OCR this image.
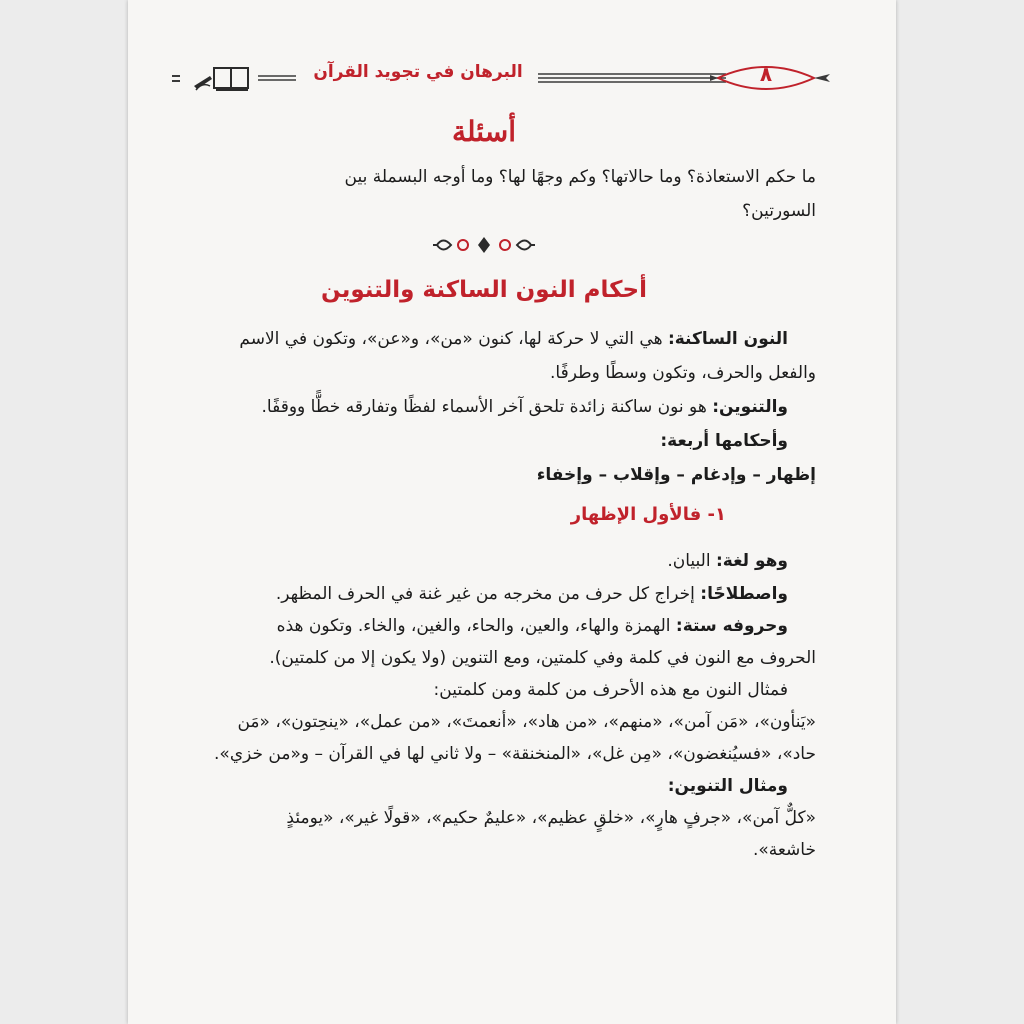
البرهان في تجويد القرآن	٨
أسئلة

ما حكم الاستعاذة؟ وما حالاتها؟ وكم وجهًا لها؟ وما أوجه البسملة بين

السورتين؟

أحكام النون الساكنة والتنوين

النون الساكنة: هي التي لا حركة لها، كنون «من»، و«عن»، وتكون في الاسم

والفعل والحرف، وتكون وسطًا وطرفًا.

والتنوين: هو نون ساكنة زائدة تلحق آخر الأسماء لفظًا وتفارقه خطًّا ووقفًا.

وأحكامها أربعة:

إظهار – وإدغام – وإقلاب – وإخفاء

١- فالأول الإظهار

وهو لغة: البيان.

واصطلاحًا: إخراج كل حرف من مخرجه من غير غنة في الحرف المظهر.

وحروفه ستة: الهمزة والهاء، والعين، والحاء، والغين، والخاء. وتكون هذه

الحروف مع النون في كلمة وفي كلمتين، ومع التنوين (ولا يكون إلا من كلمتين).

فمثال النون مع هذه الأحرف من كلمة ومن كلمتين:

«يَنأون»، «مَن آمن»، «منهم»، «من هاد»، «أنعمتَ»، «من عمل»، «ينحِتون»، «مَن

حاد»، «فسيُنغضون»، «مِن غل»، «المنخنقة» – ولا ثاني لها في القرآن – و«من خزي».

ومثال التنوين:

«كلٌّ آمن»، «جرفٍ هارٍ»، «خلقٍ عظيم»، «عليمٌ حكيم»، «قولًا غير»، «يومئذٍ

خاشعة».
